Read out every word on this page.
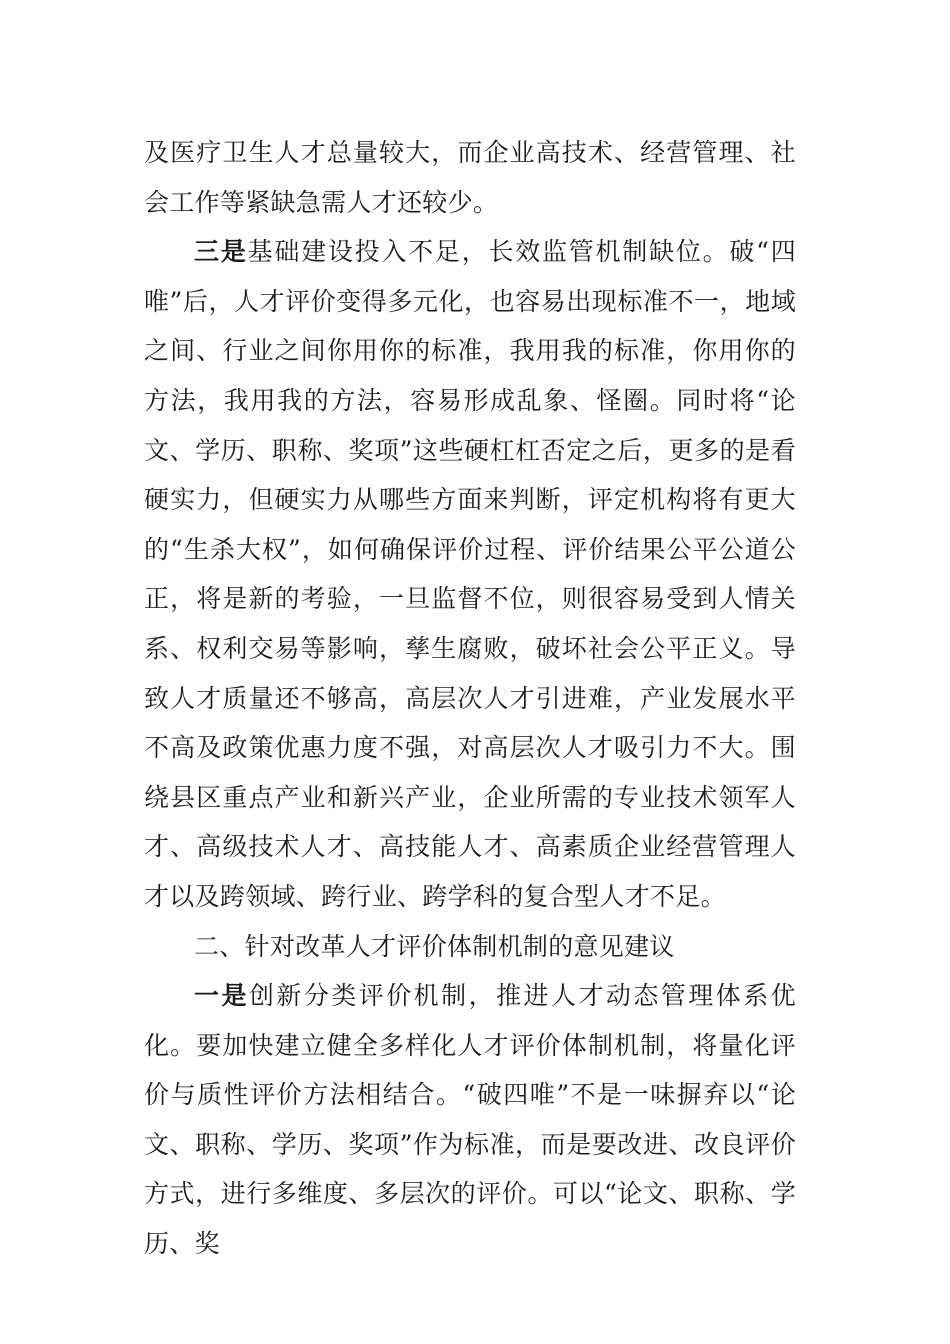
及医疗卫生人才总量较大，而企业高技术、经营管理、社会工作等紧缺急需人才还较少。

三是基础建设投入不足，长效监管机制缺位。破“四唯”后，人才评价变得多元化，也容易出现标准不一，地域之间、行业之间你用你的标准，我用我的标准，你用你的方法，我用我的方法，容易形成乱象、怪圈。同时将“论文、学历、职称、奖项”这些硬杠杠否定之后，更多的是看硬实力，但硬实力从哪些方面来判断，评定机构将有更大的“生杀大权”，如何确保评价过程、评价结果公平公道公正，将是新的考验，一旦监督不位，则很容易受到人情关系、权利交易等影响，孳生腐败，破坏社会公平正义。导致人才质量还不够高，高层次人才引进难，产业发展水平不高及政策优惠力度不强，对高层次人才吸引力不大。围绕县区重点产业和新兴产业，企业所需的专业技术领军人才、高级技术人才、高技能人才、高素质企业经营管理人才以及跨领域、跨行业、跨学科的复合型人才不足。

二、针对改革人才评价体制机制的意见建议

一是创新分类评价机制，推进人才动态管理体系优化。要加快建立健全多样化人才评价体制机制，将量化评价与质性评价方法相结合。“破四唯”不是一味摒弃以“论文、职称、学历、奖项”作为标准，而是要改进、改良评价方式，进行多维度、多层次的评价。可以“论文、职称、学历、奖
